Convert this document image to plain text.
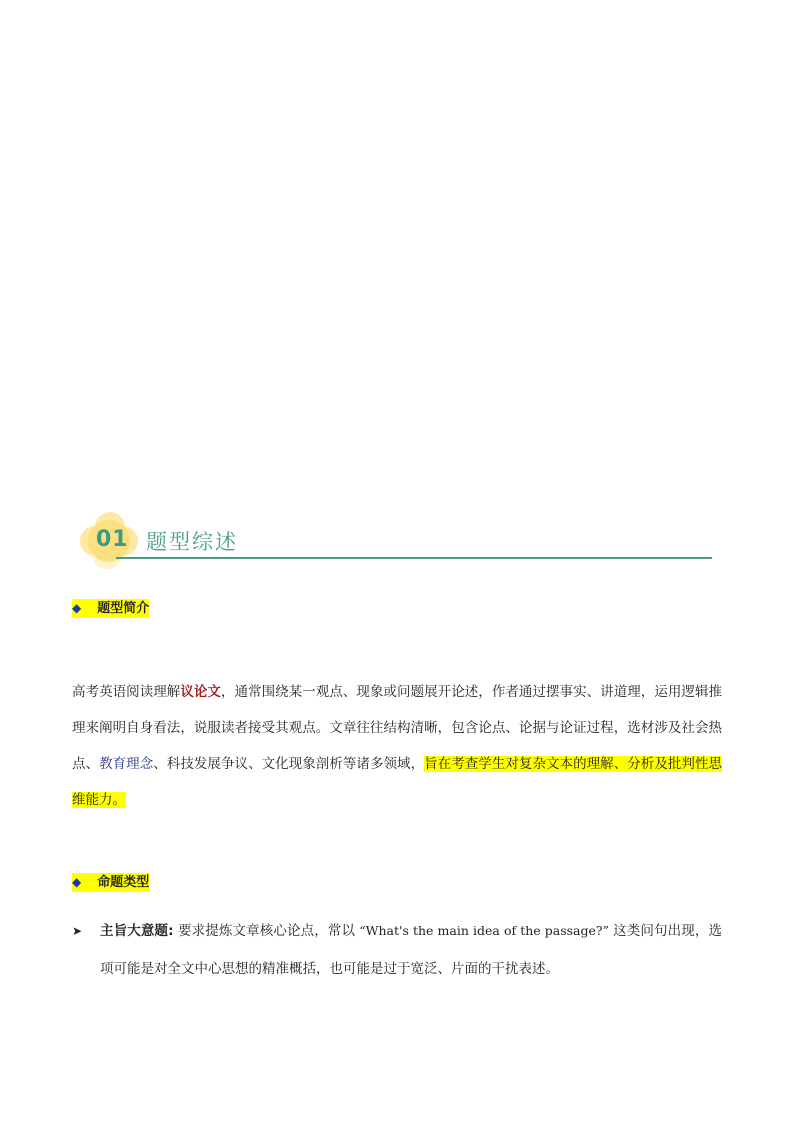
01 题型综述
◆ 题型简介
高考英语阅读理解议论文，通常围绕某一观点、现象或问题展开论述，作者通过摆事实、讲道理，运用逻辑推理来阐明自身看法，说服读者接受其观点。文章往往结构清晰，包含论点、论据与论证过程，选材涉及社会热点、教育理念、科技发展争议、文化现象剖析等诸多领域，旨在考查学生对复杂文本的理解、分析及批判性思维能力。
◆ 命题类型
➤ 主旨大意题: 要求提炼文章核心论点，常以 “What's the main idea of the passage?” 这类问句出现，选项可能是对全文中心思想的精准概括，也可能是过于宽泛、片面的干扰表述。
